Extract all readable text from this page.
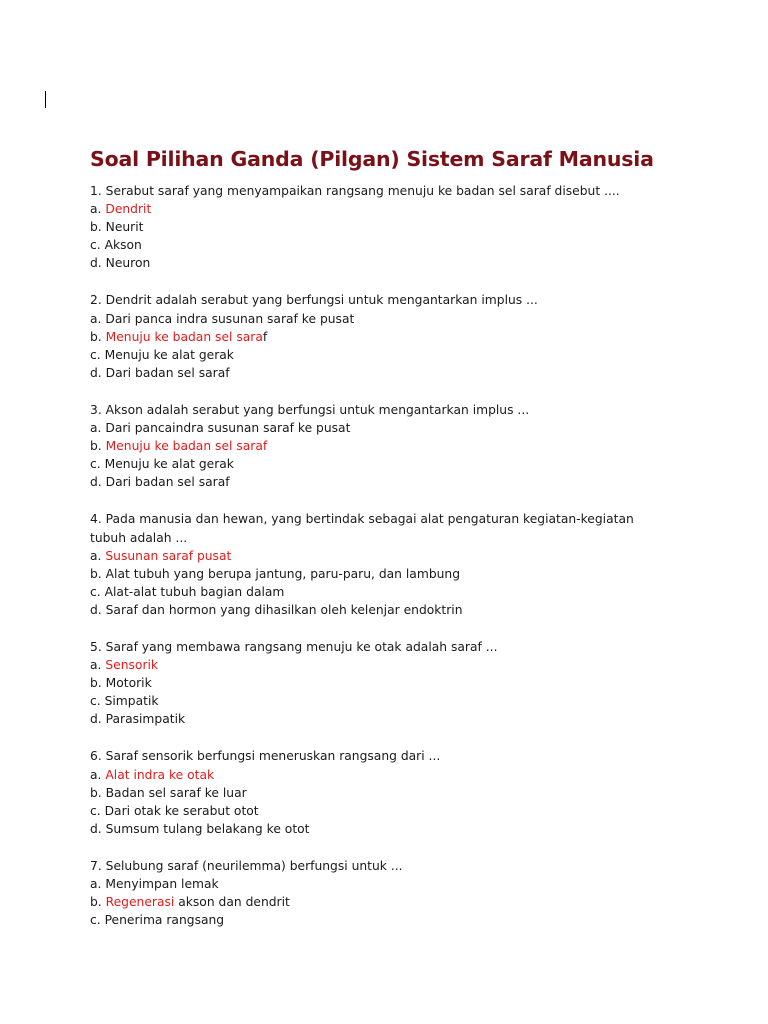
Soal Pilihan Ganda (Pilgan) Sistem Saraf Manusia
1. Serabut saraf yang menyampaikan rangsang menuju ke badan sel saraf disebut ....
a. Dendrit
b. Neurit
c. Akson
d. Neuron
2. Dendrit adalah serabut yang berfungsi untuk mengantarkan implus ...
a. Dari panca indra susunan saraf ke pusat
b. Menuju ke badan sel saraf
c. Menuju ke alat gerak
d. Dari badan sel saraf
3. Akson adalah serabut yang berfungsi untuk mengantarkan implus ...
a. Dari pancaindra susunan saraf ke pusat
b. Menuju ke badan sel saraf
c. Menuju ke alat gerak
d. Dari badan sel saraf
4. Pada manusia dan hewan, yang bertindak sebagai alat pengaturan kegiatan-kegiatan tubuh adalah ...
a. Susunan saraf pusat
b. Alat tubuh yang berupa jantung, paru-paru, dan lambung
c. Alat-alat tubuh bagian dalam
d. Saraf dan hormon yang dihasilkan oleh kelenjar endoktrin
5. Saraf yang membawa rangsang menuju ke otak adalah saraf ...
a. Sensorik
b. Motorik
c. Simpatik
d. Parasimpatik
6. Saraf sensorik berfungsi meneruskan rangsang dari ...
a. Alat indra ke otak
b. Badan sel saraf ke luar
c. Dari otak ke serabut otot
d. Sumsum tulang belakang ke otot
7. Selubung saraf (neurilemma) berfungsi untuk ...
a. Menyimpan lemak
b. Regenerasi akson dan dendrit
c. Penerima rangsang
